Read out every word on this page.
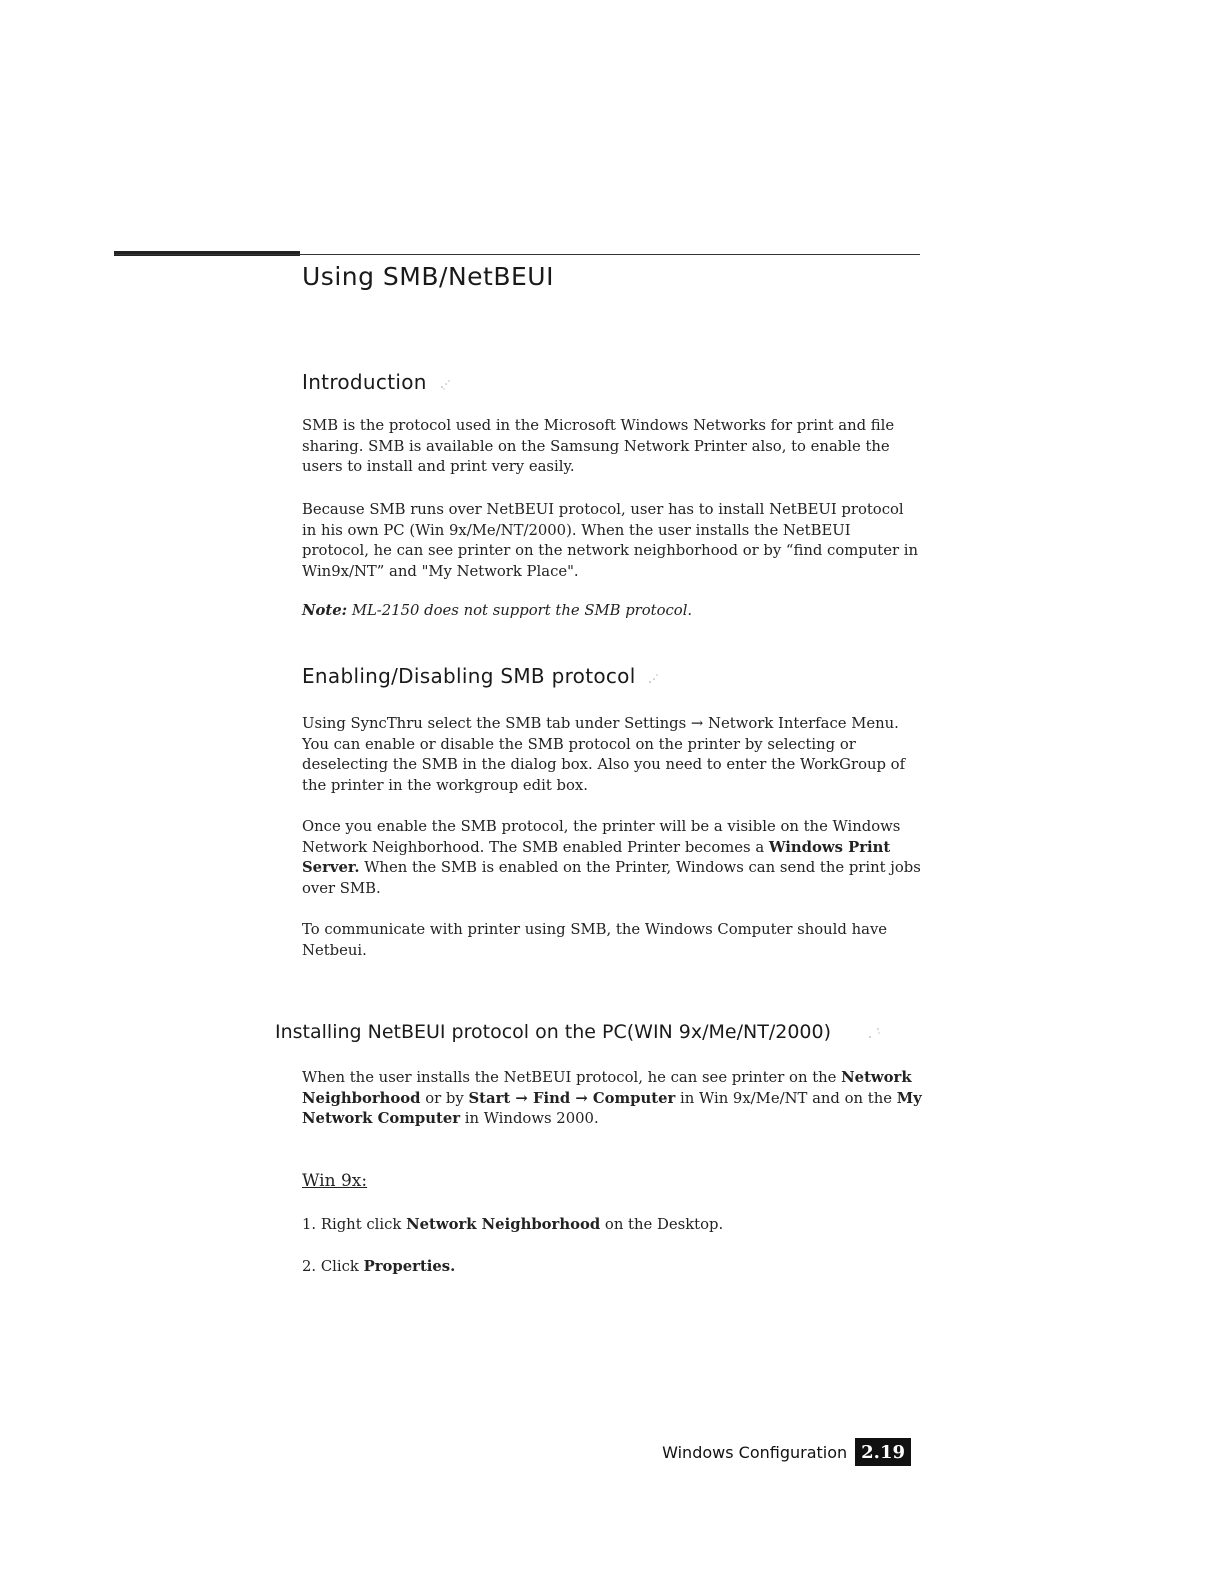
Using SMB/NetBEUI
Introduction

SMB is the protocol used in the Microsoft Windows Networks for print and file sharing. SMB is available on the Samsung Network Printer also, to enable the users to install and print very easily.

Because SMB runs over NetBEUI protocol, user has to install NetBEUI protocol in his own PC (Win 9x/Me/NT/2000). When the user installs the NetBEUI protocol, he can see printer on the network neighborhood or by “find computer in Win9x/NT” and "My Network Place".

Note: ML-2150 does not support the SMB protocol.

Enabling/Disabling SMB protocol

Using SyncThru select the SMB tab under Settings → Network Interface Menu. You can enable or disable the SMB protocol on the printer by selecting or deselecting the SMB in the dialog box. Also you need to enter the WorkGroup of the printer in the workgroup edit box.

Once you enable the SMB protocol, the printer will be a visible on the Windows Network Neighborhood. The SMB enabled Printer becomes a Windows Print Server. When the SMB is enabled on the Printer, Windows can send the print jobs over SMB.

To communicate with printer using SMB, the Windows Computer should have Netbeui.

Installing NetBEUI protocol on the PC(WIN 9x/Me/NT/2000)

When the user installs the NetBEUI protocol, he can see printer on the Network Neighborhood or by Start → Find → Computer in Win 9x/Me/NT and on the My Network Computer in Windows 2000.

Win 9x:

1. Right click Network Neighborhood on the Desktop.

2. Click Properties.

Windows Configuration 2.19
